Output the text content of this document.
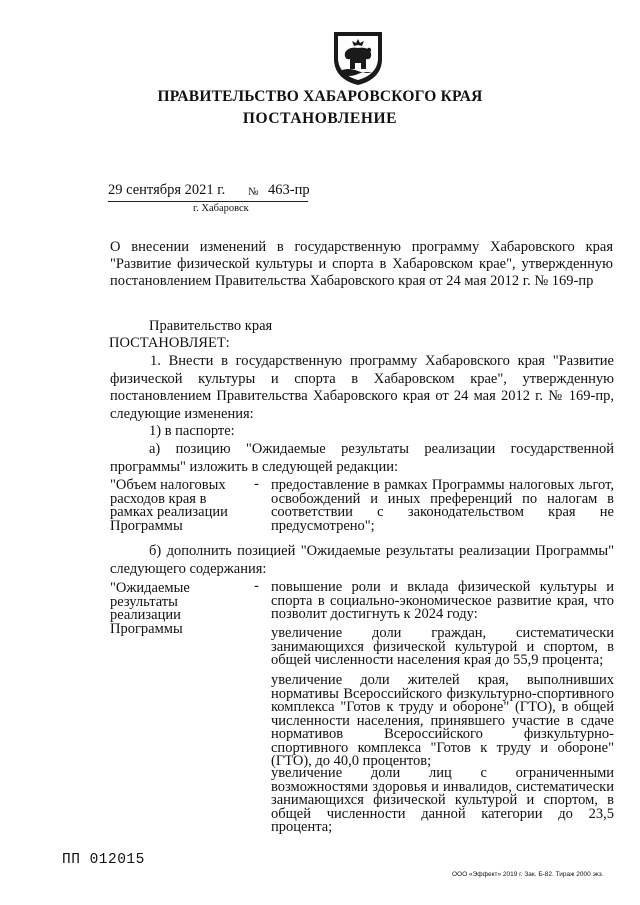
ПРАВИТЕЛЬСТВО ХАБАРОВСКОГО КРАЯ
ПОСТАНОВЛЕНИЕ
29 сентября 2021 г. № 463-пр
г. Хабаровск
О внесении изменений в государственную программу Хабаровского края "Развитие физической культуры и спорта в Хабаровском крае", утвержденную постановлением Правительства Хабаровского края от 24 мая 2012 г. № 169-пр
Правительство края
ПОСТАНОВЛЯЕТ:
1. Внести в государственную программу Хабаровского края "Развитие физической культуры и спорта в Хабаровском крае", утвержденную постановлением Правительства Хабаровского края от 24 мая 2012 г. № 169-пр, следующие изменения:
1) в паспорте:
а) позицию "Ожидаемые результаты реализации государственной программы" изложить в следующей редакции:
"Объем налоговых расходов края в рамках реализации Программы
- предоставление в рамках Программы налоговых льгот, освобождений и иных преференций по налогам в соответствии с законодательством края не предусмотрено";
б) дополнить позицией "Ожидаемые результаты реализации Программы" следующего содержания:
"Ожидаемые результаты реализации Программы
- повышение роли и вклада физической культуры и спорта в социально-экономическое развитие края, что позволит достигнуть к 2024 году:
увеличение доли граждан, систематически занимающихся физической культурой и спортом, в общей численности населения края до 55,9 процента;
увеличение доли жителей края, выполнивших нормативы Всероссийского физкультурно-спортивного комплекса "Готов к труду и обороне" (ГТО), в общей численности населения, принявшего участие в сдаче нормативов Всероссийского физкультурно-спортивного комплекса "Готов к труду и обороне" (ГТО), до 40,0 процентов;
увеличение доли лиц с ограниченными возможностями здоровья и инвалидов, систематически занимающихся физической культурой и спортом, в общей численности данной категории до 23,5 процента;
ПП 012015
ООО «Эффект» 2019 г. Зак. Б-82. Тираж 2000 экз.
